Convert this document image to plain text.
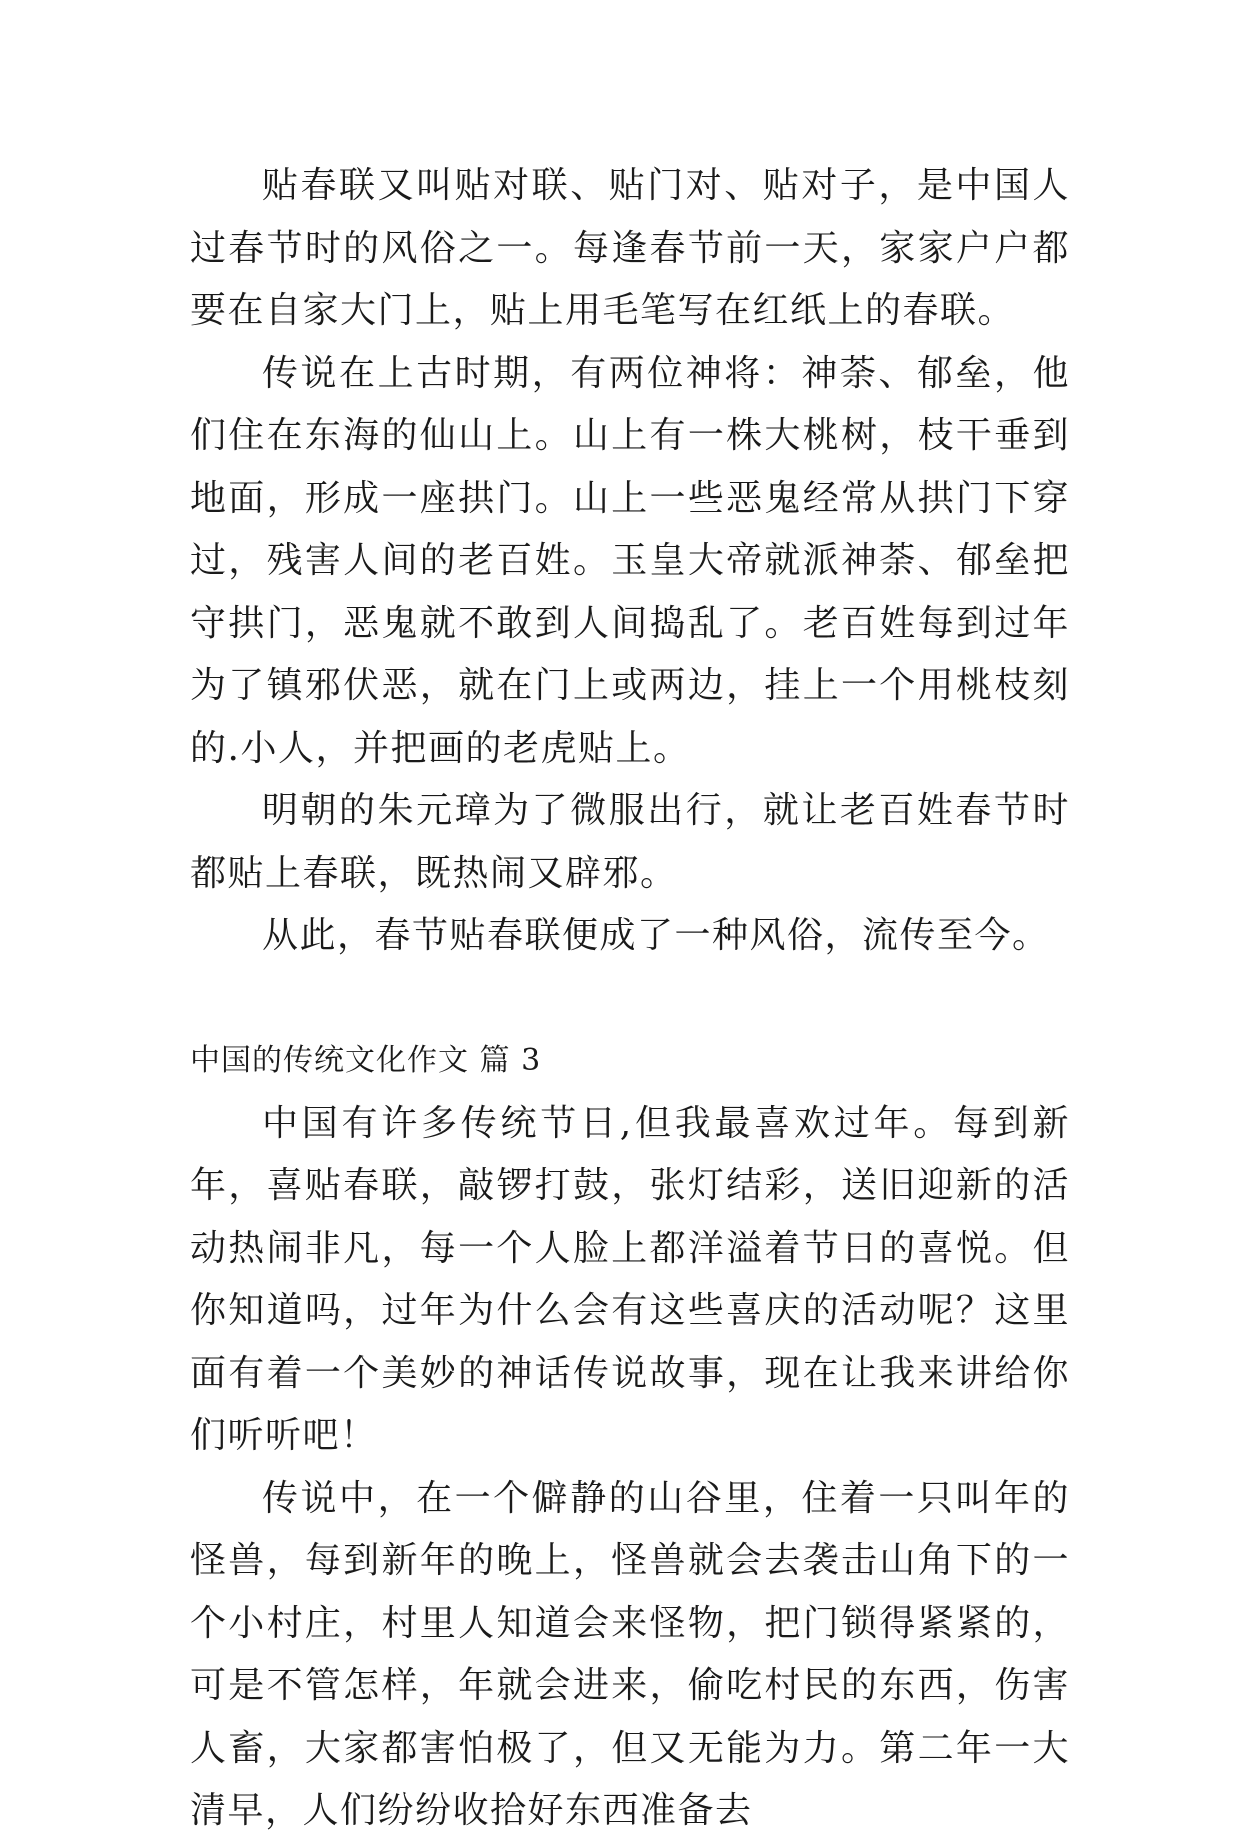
贴春联又叫贴对联、贴门对、贴对子，是中国人过春节时的风俗之一。每逢春节前一天，家家户户都要在自家大门上，贴上用毛笔写在红纸上的春联。

传说在上古时期，有两位神将：神荼、郁垒，他们住在东海的仙山上。山上有一株大桃树，枝干垂到地面，形成一座拱门。山上一些恶鬼经常从拱门下穿过，残害人间的老百姓。玉皇大帝就派神荼、郁垒把守拱门，恶鬼就不敢到人间捣乱了。老百姓每到过年为了镇邪伏恶，就在门上或两边，挂上一个用桃枝刻的.小人，并把画的老虎贴上。

明朝的朱元璋为了微服出行，就让老百姓春节时都贴上春联，既热闹又辟邪。

从此，春节贴春联便成了一种风俗，流传至今。

中国的传统文化作文 篇 3

中国有许多传统节日,但我最喜欢过年。每到新年，喜贴春联，敲锣打鼓，张灯结彩，送旧迎新的活动热闹非凡，每一个人脸上都洋溢着节日的喜悦。但你知道吗，过年为什么会有这些喜庆的活动呢？这里面有着一个美妙的神话传说故事，现在让我来讲给你们听听吧！

传说中，在一个僻静的山谷里，住着一只叫年的怪兽，每到新年的晚上，怪兽就会去袭击山角下的一个小村庄，村里人知道会来怪物，把门锁得紧紧的，可是不管怎样，年就会进来，偷吃村民的东西，伤害人畜，大家都害怕极了，但又无能为力。第二年一大清早，人们纷纷收拾好东西准备去
